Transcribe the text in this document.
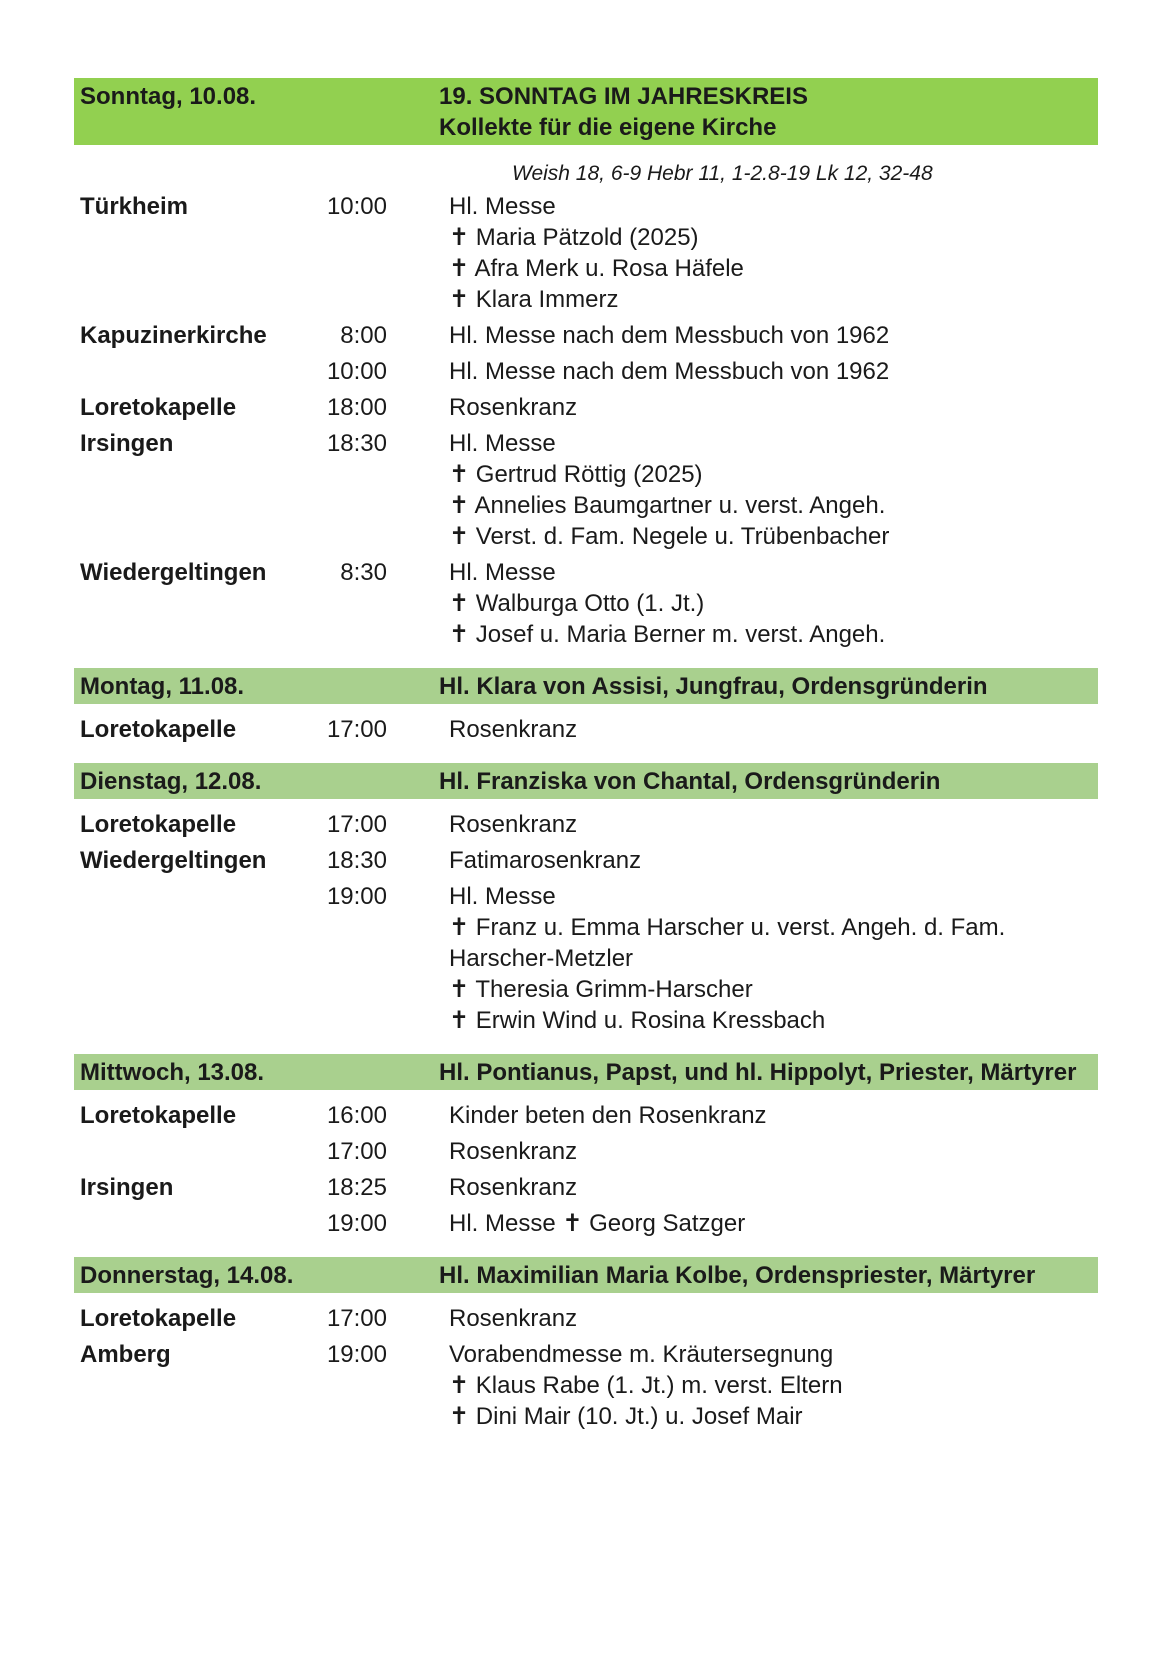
Sonntag, 10.08.	19. SONNTAG IM JAHRESKREIS
Kollekte für die eigene Kirche
Weish 18, 6-9 Hebr 11, 1-2.8-19 Lk 12, 32-48
Türkheim	10:00	Hl. Messe
✝ Maria Pätzold (2025)
✝ Afra Merk u. Rosa Häfele
✝ Klara Immerz
Kapuzinerkirche	8:00	Hl. Messe nach dem Messbuch von 1962
10:00	Hl. Messe nach dem Messbuch von 1962
Loretokapelle	18:00	Rosenkranz
Irsingen	18:30	Hl. Messe
✝ Gertrud Röttig (2025)
✝ Annelies Baumgartner u. verst. Angeh.
✝ Verst. d. Fam. Negele u. Trübenbacher
Wiedergeltingen	8:30	Hl. Messe
✝ Walburga Otto (1. Jt.)
✝ Josef u. Maria Berner m. verst. Angeh.
Montag, 11.08.	Hl. Klara von Assisi, Jungfrau, Ordensgründerin
Loretokapelle	17:00	Rosenkranz
Dienstag, 12.08.	Hl. Franziska von Chantal, Ordensgründerin
Loretokapelle	17:00	Rosenkranz
Wiedergeltingen	18:30	Fatimarosenkranz
19:00	Hl. Messe
✝ Franz u. Emma Harscher u. verst. Angeh. d. Fam. Harscher-Metzler
✝ Theresia Grimm-Harscher
✝ Erwin Wind u. Rosina Kressbach
Mittwoch, 13.08.	Hl. Pontianus, Papst, und hl. Hippolyt, Priester, Märtyrer
Loretokapelle	16:00	Kinder beten den Rosenkranz
17:00	Rosenkranz
Irsingen	18:25	Rosenkranz
19:00	Hl. Messe ✝ Georg Satzger
Donnerstag, 14.08.	Hl. Maximilian Maria Kolbe, Ordenspriester, Märtyrer
Loretokapelle	17:00	Rosenkranz
Amberg	19:00	Vorabendmesse m. Kräutersegnung
✝ Klaus Rabe (1. Jt.) m. verst. Eltern
✝ Dini Mair (10. Jt.) u. Josef Mair
